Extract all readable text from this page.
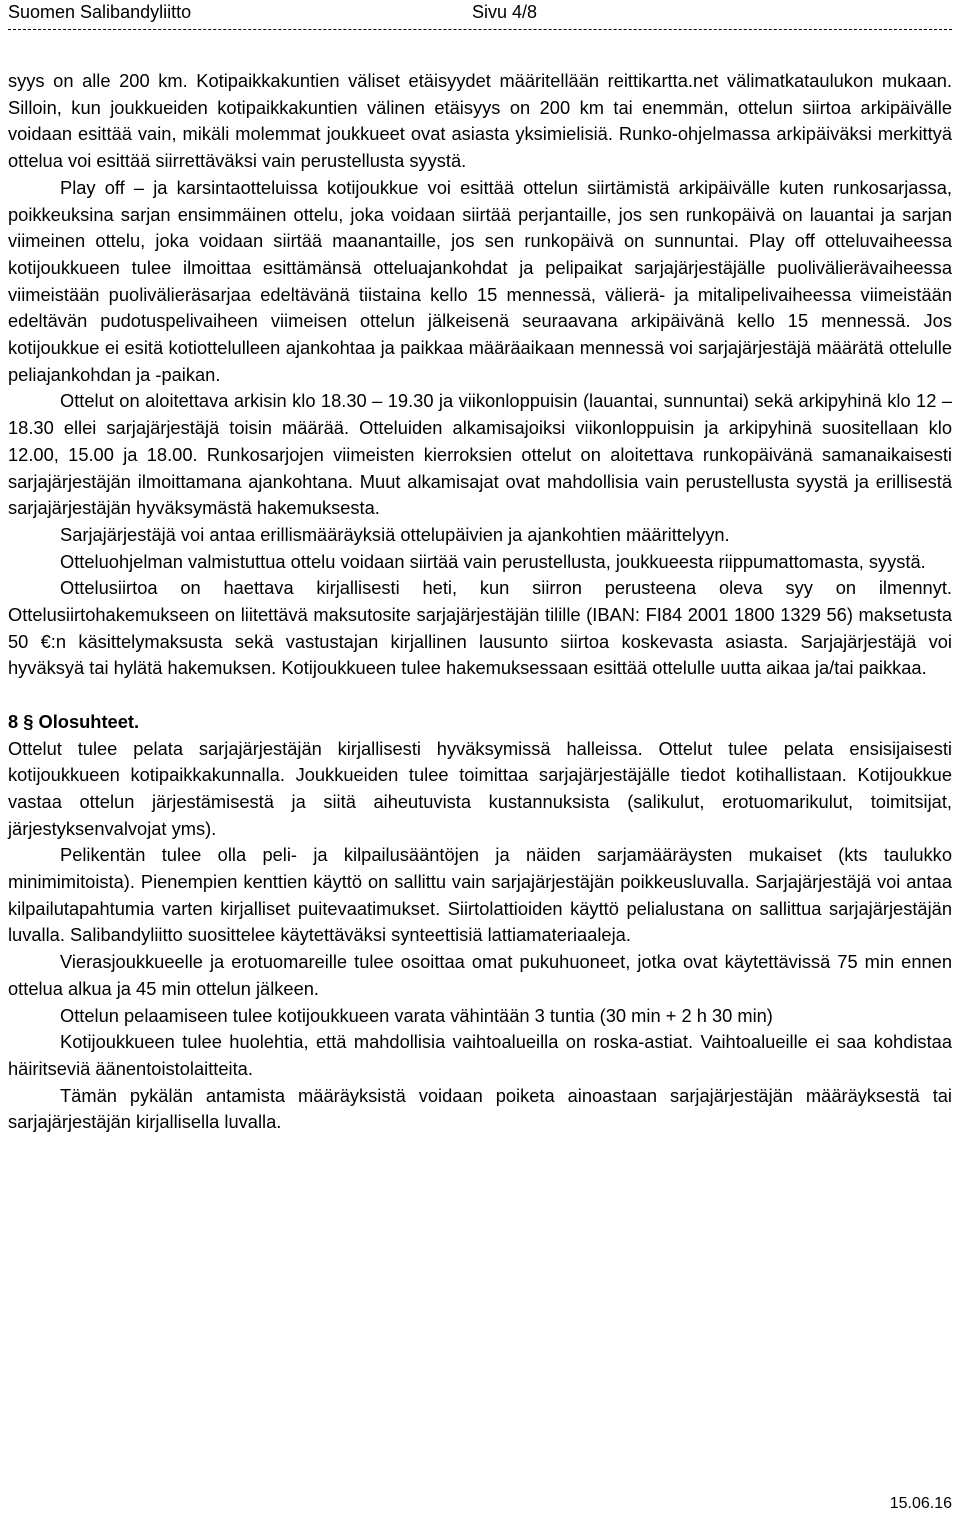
Suomen Salibandyliitto	Sivu 4/8

syys on alle 200 km. Kotipaikkakuntien väliset etäisyydet määritellään reittikartta.net välimatkataulukon mukaan. Silloin, kun joukkueiden kotipaikkakuntien välinen etäisyys on 200 km tai enemmän, ottelun siirtoa arkipäivälle voidaan esittää vain, mikäli molemmat joukkueet ovat asiasta yksimielisiä. Runko-ohjelmassa arkipäiväksi merkittyä ottelua voi esittää siirrettäväksi vain perustellusta syystä.

Play off – ja karsintaotteluissa kotijoukkue voi esittää ottelun siirtämistä arkipäivälle kuten runkosarjassa, poikkeuksina sarjan ensimmäinen ottelu, joka voidaan siirtää perjantaille, jos sen runkopäivä on lauantai ja sarjan viimeinen ottelu, joka voidaan siirtää maanantaille, jos sen runkopäivä on sunnuntai. Play off otteluvaiheessa kotijoukkueen tulee ilmoittaa esittämänsä otteluajankohdat ja pelipaikat sarjajärjestäjälle puolivälierävaiheessa viimeistään puolivälieräsarjaa edeltävänä tiistaina kello 15 mennessä, välierä- ja mitalipelivaiheessa viimeistään edeltävän pudotuspelivaiheen viimeisen ottelun jälkeisenä seuraavana arkipäivänä kello 15 mennessä. Jos kotijoukkue ei esitä kotiottelulleen ajankohtaa ja paikkaa määräaikaan mennessä voi sarjajärjestäjä määrätä ottelulle peliajankohdan ja -paikan.

Ottelut on aloitettava arkisin klo 18.30 – 19.30 ja viikonloppuisin (lauantai, sunnuntai) sekä arkipyhinä klo 12 – 18.30 ellei sarjajärjestäjä toisin määrää. Otteluiden alkamisajoiksi viikonloppuisin ja arkipyhinä suositellaan klo 12.00, 15.00 ja 18.00. Runkosarjojen viimeisten kierroksien ottelut on aloitettava runkopäivänä samanaikaisesti sarjajärjestäjän ilmoittamana ajankohtana. Muut alkamisajat ovat mahdollisia vain perustellusta syystä ja erillisestä sarjajärjestäjän hyväksymästä hakemuksesta.

Sarjajärjestäjä voi antaa erillismääräyksiä ottelupäivien ja ajankohtien määrittelyyn.

Otteluohjelman valmistuttua ottelu voidaan siirtää vain perustellusta, joukkueesta riippumattomasta, syystä.

Ottelusiirtoa on haettava kirjallisesti heti, kun siirron perusteena oleva syy on ilmennyt. Ottelusiirtohakemukseen on liitettävä maksutosite sarjajärjestäjän tilille (IBAN: FI84 2001 1800 1329 56) maksetusta 50 €:n käsittelymaksusta sekä vastustajan kirjallinen lausunto siirtoa koskevasta asiasta. Sarjajärjestäjä voi hyväksyä tai hylätä hakemuksen. Kotijoukkueen tulee hakemuksessaan esittää ottelulle uutta aikaa ja/tai paikkaa.

8 § Olosuhteet.

Ottelut tulee pelata sarjajärjestäjän kirjallisesti hyväksymissä halleissa. Ottelut tulee pelata ensisijaisesti kotijoukkueen kotipaikkakunnalla. Joukkueiden tulee toimittaa sarjajärjestäjälle tiedot kotihallistaan. Kotijoukkue vastaa ottelun järjestämisestä ja siitä aiheutuvista kustannuksista (salikulut, erotuomarikulut, toimitsijat, järjestyksenvalvojat yms).

Pelikentän tulee olla peli- ja kilpailusääntöjen ja näiden sarjamääräysten mukaiset (kts taulukko minimimitoista). Pienempien kenttien käyttö on sallittu vain sarjajärjestäjän poikkeusluvalla. Sarjajärjestäjä voi antaa kilpailutapahtumia varten kirjalliset puitevaatimukset. Siirtolattioiden käyttö pelialustana on sallittua sarjajärjestäjän luvalla. Salibandyliitto suosittelee käytettäväksi synteettisiä lattiamateriaaleja.

Vierasjoukkueelle ja erotuomareille tulee osoittaa omat pukuhuoneet, jotka ovat käytettävissä 75 min ennen ottelua alkua ja 45 min ottelun jälkeen.

Ottelun pelaamiseen tulee kotijoukkueen varata vähintään 3 tuntia (30 min + 2 h 30 min)

Kotijoukkueen tulee huolehtia, että mahdollisia vaihtoalueilla on roska-astiat. Vaihtoalueille ei saa kohdistaa häiritseviä äänentoistolaitteita.

Tämän pykälän antamista määräyksistä voidaan poiketa ainoastaan sarjajärjestäjän määräyksestä tai sarjajärjestäjän kirjallisella luvalla.

15.06.16
